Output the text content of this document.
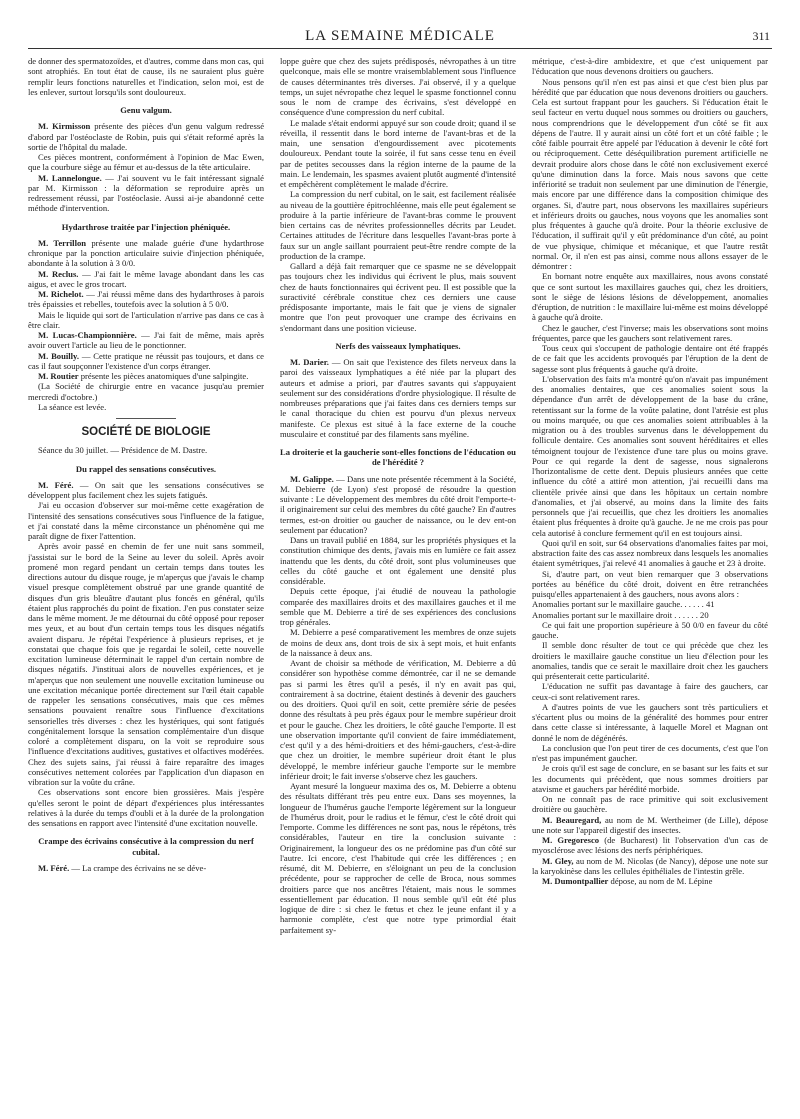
LA SEMAINE MÉDICALE	311

de donner des spermatozoïdes, et d'autres, comme dans mon cas, qui sont atrophiés. En tout état de cause, ils ne sauraient plus guère remplir leurs fonctions naturelles et l'indication, selon moi, est de les enlever, surtout lorsqu'ils sont douloureux.

Genu valgum.

M. Kirmisson présente des pièces d'un genu valgum redressé d'abord par l'ostéoclaste de Robin, puis qui s'était reformé après la sortie de l'hôpital du malade.

Ces pièces montrent, conformément à l'opinion de Mac Ewen, que la courbure siège au fémur et au-dessus de la tête articulaire.

M. Lannelongue. — J'ai souvent vu le fait intéressant signalé par M. Kirmisson : la déformation se reproduire après un redressement réussi, par l'ostéoclasie. Aussi ai-je abandonné cette méthode d'intervention.

Hydarthrose traitée par l'injection phéniquée.

M. Terrillon présente une malade guérie d'une hydarthrose chronique par la ponction articulaire suivie d'injection phéniquée, abondante à la solution à 3 0/0.

M. Reclus. — J'ai fait le même lavage abondant dans les cas aigus, et avec le gros trocart.

M. Richelot. — J'ai réussi même dans des hydarthroses à parois très épaissies et rebelles, toutefois avec la solution à 5 0/0.

Mais le liquide qui sort de l'articulation n'arrive pas dans ce cas à être clair.

M. Lucas-Championnière. — J'ai fait de même, mais après avoir ouvert l'article au lieu de le ponctionner.

M. Bouilly. — Cette pratique ne réussit pas toujours, et dans ce cas il faut soupçonner l'existence d'un corps étranger.

M. Routier présente les pièces anatomiques d'une salpingite.

(La Société de chirurgie entre en vacance jusqu'au premier mercredi d'octobre.)

La séance est levée.

SOCIÉTÉ DE BIOLOGIE

Séance du 30 juillet. — Présidence de M. Dastre.

Du rappel des sensations consécutives.

M. Féré. — On sait que les sensations consécutives se développent plus facilement chez les sujets fatigués.

J'ai eu occasion d'observer sur moi-même cette exagération de l'intensité des sensations consécutives sous l'influence de la fatigue, et j'ai constaté dans la même circonstance un phénomène qui me paraît digne de fixer l'attention.

Après avoir passé en chemin de fer une nuit sans sommeil, j'assistai sur le bord de la Seine au lever du soleil. Après avoir promené mon regard pendant un certain temps dans toutes les directions autour du disque rouge, je m'aperçus que j'avais le champ visuel presque complètement obstrué par une grande quantité de disques d'un gris bleuâtre d'autant plus foncés en général, qu'ils étaient plus rapprochés du point de fixation. J'en pus constater seize dans le même moment. Je me détournai du côté opposé pour reposer mes yeux, et au bout d'un certain temps tous les disques négatifs avaient disparu. Je répétai l'expérience à plusieurs reprises, et je constatai que chaque fois que je regardai le soleil, cette nouvelle excitation lumineuse déterminait le rappel d'un certain nombre de disques négatifs. J'instituai alors de nouvelles expériences, et je m'aperçus que non seulement une nouvelle excitation lumineuse ou une excitation mécanique portée directement sur l'œil était capable de rappeler les sensations consécutives, mais que ces mêmes sensations pouvaient renaître sous l'influence d'excitations sensorielles très diverses : chez les hystériques, qui sont fatigués congénitalement lorsque la sensation complémentaire d'un disque coloré a complètement disparu, on la voit se reproduire sous l'influence d'excitations auditives, gustatives et olfactives modérées. Chez des sujets sains, j'ai réussi à faire reparaître des images consécutives nettement colorées par l'application d'un diapason en vibration sur la voûte du crâne.

Ces observations sont encore bien grossières. Mais j'espère qu'elles seront le point de départ d'expériences plus intéressantes relatives à la durée du temps d'oubli et à la durée de la prolongation des sensations en rapport avec l'intensité d'une excitation nouvelle.

Crampe des écrivains consécutive à la compression du nerf cubital.

M. Féré. — La crampe des écrivains ne se déve-

loppe guère que chez des sujets prédisposés, névropathes à un titre quelconque, mais elle se montre vraisemblablement sous l'influence de causes déterminantes très diverses. J'ai observé, il y a quelque temps, un sujet névropathe chez lequel le spasme fonctionnel connu sous le nom de crampe des écrivains, s'est développé en conséquence d'une compression du nerf cubital.

Le malade s'était endormi appuyé sur son coude droit; quand il se réveilla, il ressentit dans le bord interne de l'avant-bras et de la main, une sensation d'engourdissement avec picotements douloureux. Pendant toute la soirée, il fut sans cesse tenu en éveil par de petites secousses dans la région interne de la paume de la main. Le lendemain, les spasmes avaient plutôt augmenté d'intensité et empêchèrent complètement le malade d'écrire.

La compression du nerf cubital, on le sait, est facilement réalisée au niveau de la gouttière épitrochléenne, mais elle peut également se produire à la partie inférieure de l'avant-bras comme le prouvent bien certains cas de névrites professionnelles décrits par Leudet. Certaines attitudes de l'écriture dans lesquelles l'avant-bras porte à faux sur un angle saillant pourraient peut-être rendre compte de la production de la crampe.

Gallard a déjà fait remarquer que ce spasme ne se développait pas toujours chez les individus qui écrivent le plus, mais souvent chez de hauts fonctionnaires qui écrivent peu. Il est possible que la suractivité cérébrale constitue chez ces derniers une cause prédisposante importante, mais le fait que je viens de signaler montre que l'on peut provoquer une crampe des écrivains en s'endormant dans une position vicieuse.

Nerfs des vaisseaux lymphatiques.

M. Darier. — On sait que l'existence des filets nerveux dans la paroi des vaisseaux lymphatiques a été niée par la plupart des auteurs et admise a priori, par d'autres savants qui s'appuyaient seulement sur des considérations d'ordre physiologique. Il résulte de nombreuses préparations que j'ai faites dans ces derniers temps sur le canal thoracique du chien est pourvu d'un plexus nerveux manifeste. Ce plexus est situé à la face externe de la couche musculaire et constitué par des filaments sans myéline.

La droiterie et la gaucherie sont-elles fonctions de l'éducation ou de l'hérédité ?

M. Galippe. — Dans une note présentée récemment à la Société, M. Debierre (de Lyon) s'est proposé de résoudre la question suivante : Le développement des membres du côté droit l'emporte-t-il originairement sur celui des membres du côté gauche? En d'autres termes, est-on droitier ou gaucher de naissance, ou le dev ent-on seulement par éducation?

Dans un travail publié en 1884, sur les propriétés physiques et la constitution chimique des dents, j'avais mis en lumière ce fait assez inattendu que les dents, du côté droit, sont plus volumineuses que celles du côté gauche et ont également une densité plus considérable.

Depuis cette époque, j'ai étudié de nouveau la pathologie comparée des maxillaires droits et des maxillaires gauches et il me semble que M. Debierre a tiré de ses expériences des conclusions trop générales.

M. Debierre a pesé comparativement les membres de onze sujets de moins de deux ans, dont trois de six à sept mois, et huit enfants de la naissance à deux ans.

Avant de choisir sa méthode de vérification, M. Debierre a dû considérer son hypothèse comme démontrée, car il ne se demande pas si parmi les êtres qu'il a pesés, il n'y en avait pas qui, contrairement à sa doctrine, étaient destinés à devenir des gauchers ou des droitiers. Quoi qu'il en soit, cette première série de pesées donne des résultats à peu près égaux pour le membre supérieur droit et pour le gauche. Chez les droitiers, le côté gauche l'emporte. Il est une observation importante qu'il convient de faire immédiatement, c'est qu'il y a des hémi-droitiers et des hémi-gauchers, c'est-à-dire que chez un droitier, le membre supérieur droit étant le plus développé, le membre inférieur gauche l'emporte sur le membre inférieur droit; le fait inverse s'observe chez les gauchers.

Ayant mesuré la longueur maxima des os, M. Debierre a obtenu des résultats différant très peu entre eux. Dans ses moyennes, la longueur de l'humérus gauche l'emporte légèrement sur la longueur de l'humérus droit, pour le radius et le fémur, c'est le côté droit qui l'emporte. Comme les différences ne sont pas, nous le répétons, très considérables, l'auteur en tire la conclusion suivante : Originairement, la longueur des os ne prédomine pas d'un côté sur l'autre. Ici encore, c'est l'habitude qui crée les différences ; en résumé, dit M. Debierre, en s'éloignant un peu de la conclusion précédente, pour se rapprocher de celle de Broca, nous sommes droitiers parce que nos ancêtres l'étaient, mais nous le sommes essentiellement par éducation. Il nous semble qu'il eût été plus logique de dire : si chez le fœtus et chez le jeune enfant il y a harmonie complète, c'est que notre type primordial était parfaitement sy-

métrique, c'est-à-dire ambidextre, et que c'est uniquement par l'éducation que nous devenons droitiers ou gauchers.

Nous pensons qu'il n'en est pas ainsi et que c'est bien plus par hérédité que par éducation que nous devenons droitiers ou gauchers. Cela est surtout frappant pour les gauchers. Si l'éducation était le seul facteur en vertu duquel nous sommes ou droitiers ou gauchers, nous comprendrions que le développement d'un côté se fit aux dépens de l'autre. Il y aurait ainsi un côté fort et un côté faible ; le côté faible pourrait être appelé par l'éducation à devenir le côté fort ou réciproquement. Cette déséquilibration purement artificielle ne devrait produire alors chose dans le côté non exclusivement exercé qu'une diminution dans la force. Mais nous savons que cette infériorité se traduit non seulement par une diminution de l'énergie, mais encore par une différence dans la composition chimique des organes. Si, d'autre part, nous observons les maxillaires supérieurs et inférieurs droits ou gauches, nous voyons que les anomalies sont plus fréquentes à gauche qu'à droite. Pour la théorie exclusive de l'éducation, il suffirait qu'il y eût prédominance d'un côté, au point de vue physique, chimique et mécanique, et que l'autre restât normal. Or, il n'en est pas ainsi, comme nous allons essayer de le démontrer :

En bornant notre enquête aux maxillaires, nous avons constaté que ce sont surtout les maxillaires gauches qui, chez les droitiers, sont le siège de lésions lésions de développement, anomalies d'éruption, de nutrition : le maxillaire lui-même est moins développé à gauche qu'à droite.

Chez le gaucher, c'est l'inverse; mais les observations sont moins fréquentes, parce que les gauchers sont relativement rares.

Tous ceux qui s'occupent de pathologie dentaire ont été frappés de ce fait que les accidents provoqués par l'éruption de la dent de sagesse sont plus fréquents à gauche qu'à droite.

L'observation des faits m'a montré qu'on n'avait pas impunément des anomalies dentaires, que ces anomalies soient sous la dépendance d'un arrêt de développement de la base du crâne, retentissant sur la forme de la voûte palatine, dont l'atrésie est plus ou moins marquée, ou que ces anomalies soient attribuables à la migration ou à des troubles survenus dans le développement du follicule dentaire. Ces anomalies sont souvent héréditaires et elles témoignent toujour de l'existence d'une tare plus ou moins grave. Pour ce qui regarde la dent de sagesse, nous signalerons l'horizontalisme de cette dent. Depuis plusieurs années que cette influence du côté a attiré mon attention, j'ai recueilli dans ma clientèle privée ainsi que dans les hôpitaux un certain nombre d'anomalies, et j'ai observé, au moins dans la limite des faits personnels que j'ai recueillis, que chez les droitiers les anomalies étaient plus fréquentes à droite qu'à gauche. Je ne me crois pas pour cela autorisé à conclure fermement qu'il en est toujours ainsi.

Quoi qu'il en soit, sur 64 observations d'anomalies faites par moi, abstraction faite des cas assez nombreux dans lesquels les anomalies étaient symétriques, j'ai relevé 41 anomalies à gauche et 23 à droite.

Si, d'autre part, on veut bien remarquer que 3 observations portées au bénéfice du côté droit, doivent en être retranchées puisqu'elles appartenaient à des gauchers, nous avons alors :

Anomalies portant sur le maxillaire gauche. . . . . . 41

Anomalies portant sur le maxillaire droit . . . . . . 20

Ce qui fait une proportion supérieure à 50 0/0 en faveur du côté gauche.

Il semble donc résulter de tout ce qui précède que chez les droitiers le maxillaire gauche constitue un lieu d'élection pour les anomalies, tandis que ce serait le maxillaire droit chez les gauchers qui présenterait cette particularité.

L'éducation ne suffit pas davantage à faire des gauchers, car ceux-ci sont relativement rares.

A d'autres points de vue les gauchers sont très particuliers et s'écartent plus ou moins de la généralité des hommes pour entrer dans cette classe si intéressante, à laquelle Morel et Magnan ont donné le nom de dégénérés.

La conclusion que l'on peut tirer de ces documents, c'est que l'on n'est pas impunément gaucher.

Je crois qu'il est sage de conclure, en se basant sur les faits et sur les documents qui précèdent, que nous sommes droitiers par atavisme et gauchers par hérédité morbide.

On ne connaît pas de race primitive qui soit exclusivement droitière ou gauchère.

M. Beauregard, au nom de M. Wertheimer (de Lille), dépose une note sur l'appareil digestif des insectes.

M. Gregoresco (de Bucharest) lit l'observation d'un cas de myosclérose avec lésions des nerfs périphériques.

M. Gley, au nom de M. Nicolas (de Nancy), dépose une note sur la karyokinèse dans les cellules épithéliales de l'intestin grêle.

M. Dumontpallier dépose, au nom de M. Lépine
